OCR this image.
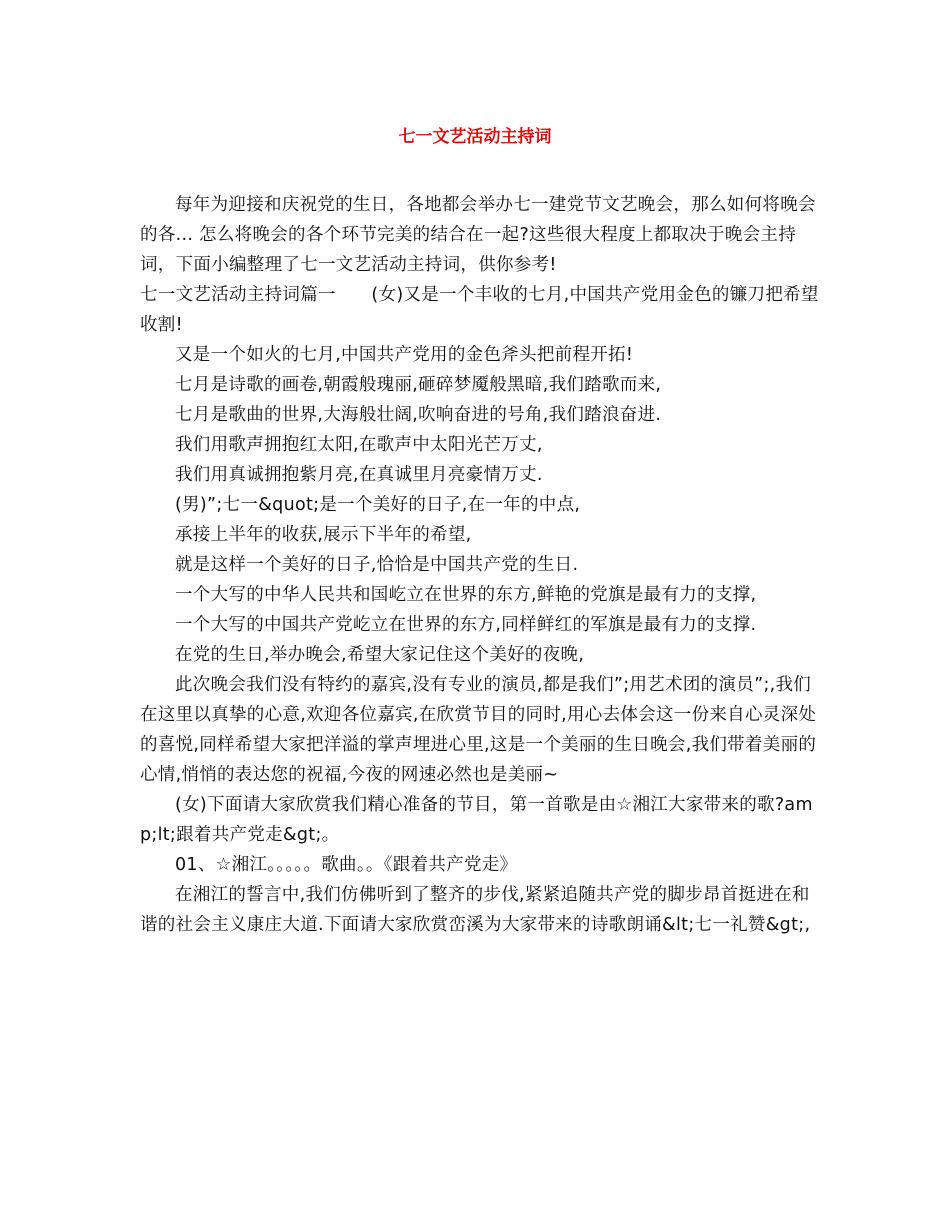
七一文艺活动主持词

每年为迎接和庆祝党的生日，各地都会举办七一建党节文艺晚会，那么如何将晚会的各... 怎么将晚会的各个环节完美的结合在一起?这些很大程度上都取决于晚会主持词，下面小编整理了七一文艺活动主持词，供你参考!

七一文艺活动主持词篇一　　(女)又是一个丰收的七月,中国共产党用金色的镰刀把希望收割!

又是一个如火的七月,中国共产党用的金色斧头把前程开拓!

七月是诗歌的画卷,朝霞般瑰丽,砸碎梦魇般黑暗,我们踏歌而来,

七月是歌曲的世界,大海般壮阔,吹响奋进的号角,我们踏浪奋进.

我们用歌声拥抱红太阳,在歌声中太阳光芒万丈,

我们用真诚拥抱紫月亮,在真诚里月亮豪情万丈.

(男)”;七一&quot;是一个美好的日子,在一年的中点,

承接上半年的收获,展示下半年的希望,

就是这样一个美好的日子,恰恰是中国共产党的生日.

一个大写的中华人民共和国屹立在世界的东方,鲜艳的党旗是最有力的支撑,

一个大写的中国共产党屹立在世界的东方,同样鲜红的军旗是最有力的支撑.

在党的生日,举办晚会,希望大家记住这个美好的夜晚,

此次晚会我们没有特约的嘉宾,没有专业的演员,都是我们”;用艺术团的演员”;,我们在这里以真挚的心意,欢迎各位嘉宾,在欣赏节目的同时,用心去体会这一份来自心灵深处的喜悦,同样希望大家把洋溢的掌声埋进心里,这是一个美丽的生日晚会,我们带着美丽的心情,悄悄的表达您的祝福,今夜的网速必然也是美丽~

(女)下面请大家欣赏我们精心准备的节目，第一首歌是由☆湘江大家带来的歌?amp;lt;跟着共产党走&gt;。

01、☆湘江。。。。。歌曲。。《跟着共产党走》

在湘江的誓言中,我们仿佛听到了整齐的步伐,紧紧追随共产党的脚步昂首挺进在和谐的社会主义康庄大道.下面请大家欣赏峦溪为大家带来的诗歌朗诵&lt;七一礼赞&gt;,
